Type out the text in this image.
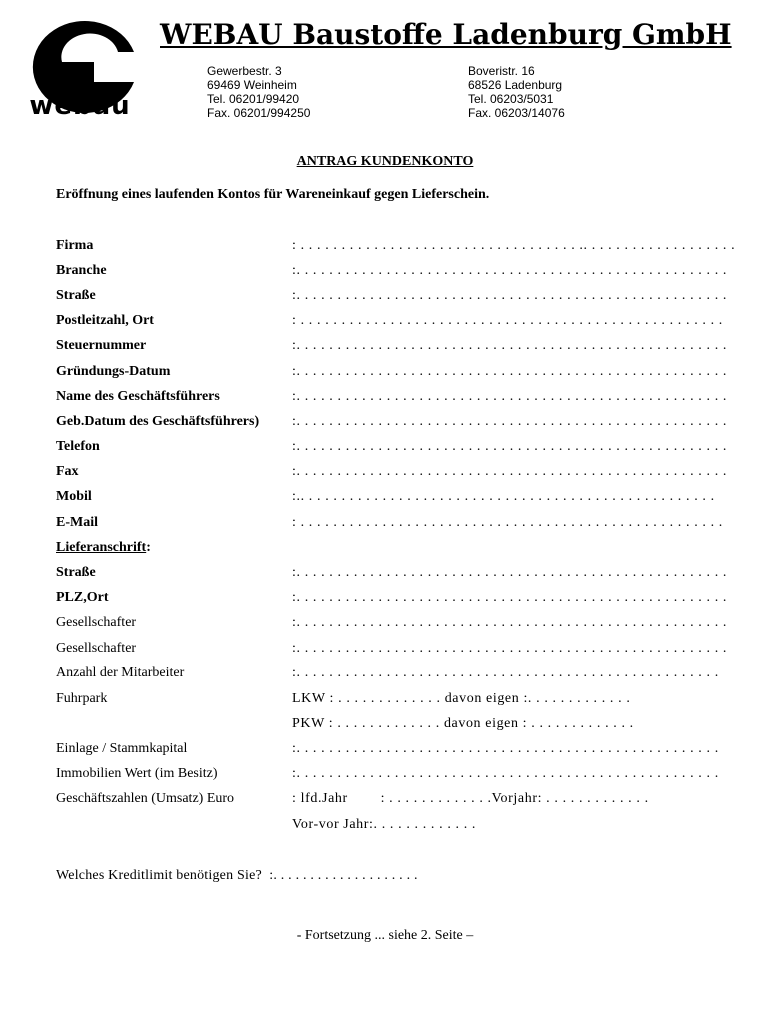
webau
WEBAU Baustoffe Ladenburg GmbH
Gewerbestr. 3
69469 Weinheim
Tel. 06201/99420
Fax. 06201/994250
Boveristr. 16
68526 Ladenburg
Tel. 06203/5031
Fax. 06203/14076
ANTRAG KUNDENKONTO
Eröffnung eines laufenden Kontos für Wareneinkauf gegen Lieferschein.
Firma	: . . . . . . . . . . . . . . . . . . . . . . . . . . . . . . . . . . .. . . . . . . . . . . . . . . . . . .
Branche	:. . . . . . . . . . . . . . . . . . . . . . . . . . . . . . . . . . . . . . . . . . . . . . . . . . . . .
Straße	:. . . . . . . . . . . . . . . . . . . . . . . . . . . . . . . . . . . . . . . . . . . . . . . . . . . . .
Postleitzahl, Ort	: . . . . . . . . . . . . . . . . . . . . . . . . . . . . . . . . . . . . . . . . . . . . . . . . . . . .
Steuernummer	:. . . . . . . . . . . . . . . . . . . . . . . . . . . . . . . . . . . . . . . . . . . . . . . . . . . . .
Gründungs-Datum	:. . . . . . . . . . . . . . . . . . . . . . . . . . . . . . . . . . . . . . . . . . . . . . . . . . . . .
Name des Geschäftsführers	:. . . . . . . . . . . . . . . . . . . . . . . . . . . . . . . . . . . . . . . . . . . . . . . . . . . . .
Geb.Datum des Geschäftsführers) :. . . . . . . . . . . . . . . . . . . . . . . . . . . . . . . . . . . . . . . . . . . . . . . . . . . . .
Telefon	:. . . . . . . . . . . . . . . . . . . . . . . . . . . . . . . . . . . . . . . . . . . . . . . . . . . . .
Fax	:. . . . . . . . . . . . . . . . . . . . . . . . . . . . . . . . . . . . . . . . . . . . . . . . . . . . .
Mobil	:.. . . . . . . . . . . . . . . . . . . . . . . . . . . . . . . . . . . . . . . . . . . . . . . . . . .
E-Mail	: . . . . . . . . . . . . . . . . . . . . . . . . . . . . . . . . . . . . . . . . . . . . . . . . . . . .
Lieferanschrift:
Straße	:. . . . . . . . . . . . . . . . . . . . . . . . . . . . . . . . . . . . . . . . . . . . . . . . . . . . .
PLZ,Ort	:. . . . . . . . . . . . . . . . . . . . . . . . . . . . . . . . . . . . . . . . . . . . . . . . . . . . .
Gesellschafter	:. . . . . . . . . . . . . . . . . . . . . . . . . . . . . . . . . . . . . . . . . . . . . . . . . . . . .
Gesellschafter	:. . . . . . . . . . . . . . . . . . . . . . . . . . . . . . . . . . . . . . . . . . . . . . . . . . . . .
Anzahl der Mitarbeiter	:. . . . . . . . . . . . . . . . . . . . . . . . . . . . . . . . . . . . . . . . . . . . . . . . . . . .
Fuhrpark	LKW : . . . . . . . . . . . . . davon eigen :. . . . . . . . . . . . .
PKW : . . . . . . . . . . . . . davon eigen : . . . . . . . . . . . . .
Einlage / Stammkapital	:. . . . . . . . . . . . . . . . . . . . . . . . . . . . . . . . . . . . . . . . . . . . . . . . . . . .
Immobilien Wert (im Besitz)	:. . . . . . . . . . . . . . . . . . . . . . . . . . . . . . . . . . . . . . . . . . . . . . . . . . . .
Geschäftszahlen (Umsatz) Euro	: lfd.Jahr        : . . . . . . . . . . . . .Vorjahr: . . . . . . . . . . . . .
Vor-vor Jahr:. . . . . . . . . . . . .
Welches Kreditlimit benötigen Sie?  :. . . . . . . . . . . . . . . . . . . .
- Fortsetzung ... siehe 2. Seite –
